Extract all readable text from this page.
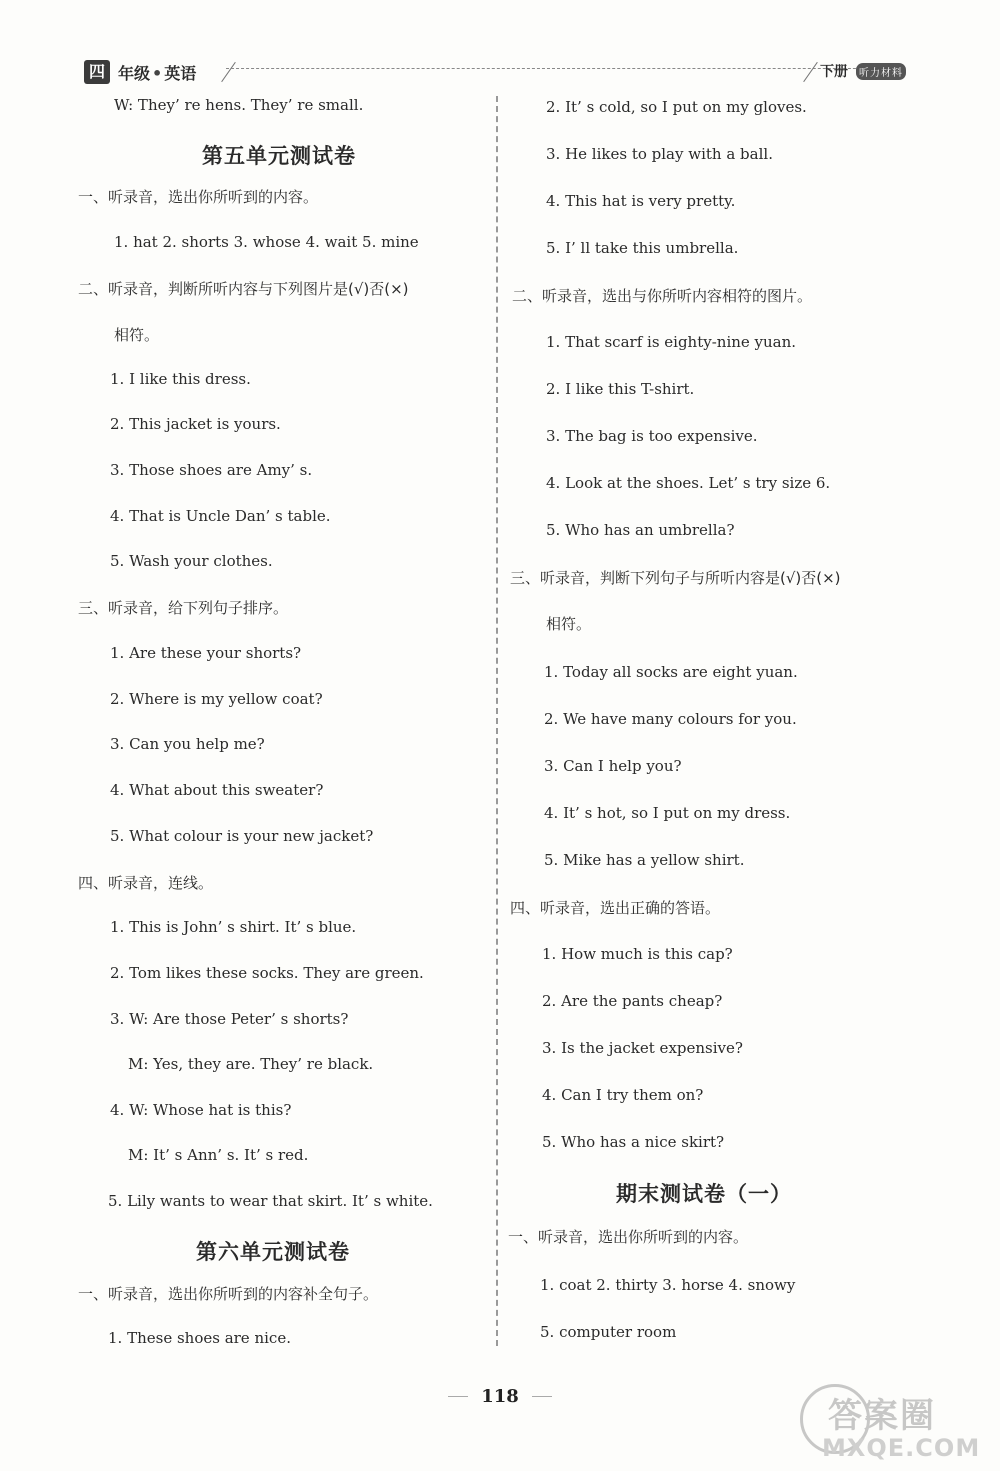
四 年级 • 英语	下册	听力材料
W: They’ re hens. They’ re small.
第五单元测试卷
一、听录音，选出你所听到的内容。
1. hat 2. shorts 3. whose 4. wait 5. mine
二、听录音，判断所听内容与下列图片是(√)否(×)
相符。
1. I like this dress.
2. This jacket is yours.
3. Those shoes are Amy’ s.
4. That is Uncle Dan’ s table.
5. Wash your clothes.
三、听录音，给下列句子排序。
1. Are these your shorts?
2. Where is my yellow coat?
3. Can you help me?
4. What about this sweater?
5. What colour is your new jacket?
四、听录音，连线。
1. This is John’ s shirt. It’ s blue.
2. Tom likes these socks. They are green.
3. W: Are those Peter’ s shorts?
M: Yes, they are. They’ re black.
4. W: Whose hat is this?
M: It’ s Ann’ s. It’ s red.
5. Lily wants to wear that skirt. It’ s white.
第六单元测试卷
一、听录音，选出你所听到的内容补全句子。
1. These shoes are nice.
2. It’ s cold, so I put on my gloves.
3. He likes to play with a ball.
4. This hat is very pretty.
5. I’ ll take this umbrella.
二、听录音，选出与你所听内容相符的图片。
1. That scarf is eighty-nine yuan.
2. I like this T-shirt.
3. The bag is too expensive.
4. Look at the shoes. Let’ s try size 6.
5. Who has an umbrella?
三、听录音，判断下列句子与所听内容是(√)否(×)
相符。
1. Today all socks are eight yuan.
2. We have many colours for you.
3. Can I help you?
4. It’ s hot, so I put on my dress.
5. Mike has a yellow shirt.
四、听录音，选出正确的答语。
1. How much is this cap?
2. Are the pants cheap?
3. Is the jacket expensive?
4. Can I try them on?
5. Who has a nice skirt?
期末测试卷（一）
一、听录音，选出你所听到的内容。
1. coat 2. thirty 3. horse 4. snowy
5. computer room
118	答案圈
MXQE.COM
